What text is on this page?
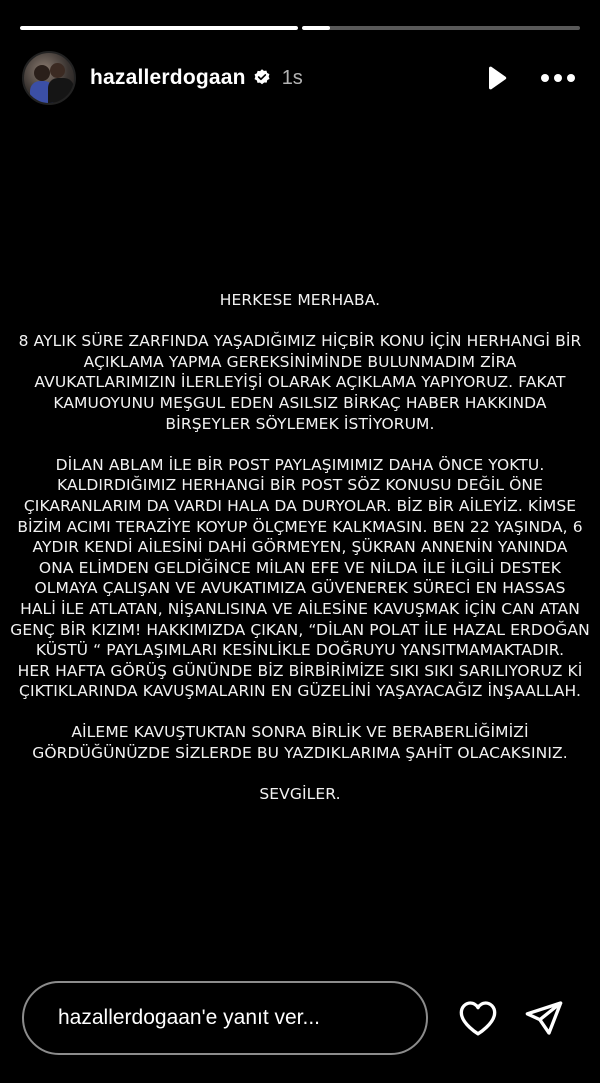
hazallerdogaan 1s

HERKESE MERHABA.

8 AYLIK SÜRE ZARFINDA YAŞADIĞIMIZ HİÇBİR KONU İÇİN HERHANGİ BİR
AÇIKLAMA YAPMA GEREKSİNİMİNDE BULUNMADIM ZİRA
AVUKATLARIMIZIN İLERLEYİŞİ OLARAK AÇIKLAMA YAPIYORUZ. FAKAT
KAMUOYUNU MEŞGUL EDEN ASILSIZ BİRKAÇ HABER HAKKINDA
BİRŞEYLER SÖYLEMEK İSTİYORUM.

DİLAN ABLAM İLE BİR POST PAYLAŞIMIMIZ DAHA ÖNCE YOKTU.
KALDIRDIĞIMIZ HERHANGİ BİR POST SÖZ KONUSU DEĞİL ÖNE
ÇIKARANLARIM DA VARDI HALA DA DURYOLAR. BİZ BİR AİLEYİZ. KİMSE
BİZİM ACIMI TERAZİYE KOYUP ÖLÇMEYE KALKMASIN. BEN 22 YAŞINDA, 6
AYDIR KENDİ AİLESİNİ DAHİ GÖRMEYEN, ŞÜKRAN ANNENİN YANINDA
ONA ELİMDEN GELDİĞİNCE MİLAN EFE VE NİLDA İLE İLGİLİ DESTEK
OLMAYA ÇALIŞAN VE AVUKATIMIZA GÜVENEREK SÜRECİ EN HASSAS
HALİ İLE ATLATAN, NİŞANLISINA VE AİLESİNE KAVUŞMAK İÇİN CAN ATAN
GENÇ BİR KIZIM! HAKKIMIZDA ÇIKAN, “DİLAN POLAT İLE HAZAL ERDOĞAN
KÜSTÜ “ PAYLAŞIMLARI KESİNLİKLE DOĞRUYU YANSITMAMAKTADIR.
HER HAFTA GÖRÜŞ GÜNÜNDE BİZ BİRBİRİMİZE SIKI SIKI SARILIYORUZ Kİ
ÇIKTIKLARINDA KAVUŞMALARIN EN GÜZELİNİ YAŞAYACAĞIZ İNŞAALLAH.

AİLEME KAVUŞTUKTAN SONRA BİRLİK VE BERABERLİĞİMİZİ
GÖRDÜĞÜNÜZDE SİZLERDE BU YAZDIKLARIMA ŞAHİT OLACAKSINIZ.

SEVGİLER.

hazallerdogaan'e yanıt ver...
